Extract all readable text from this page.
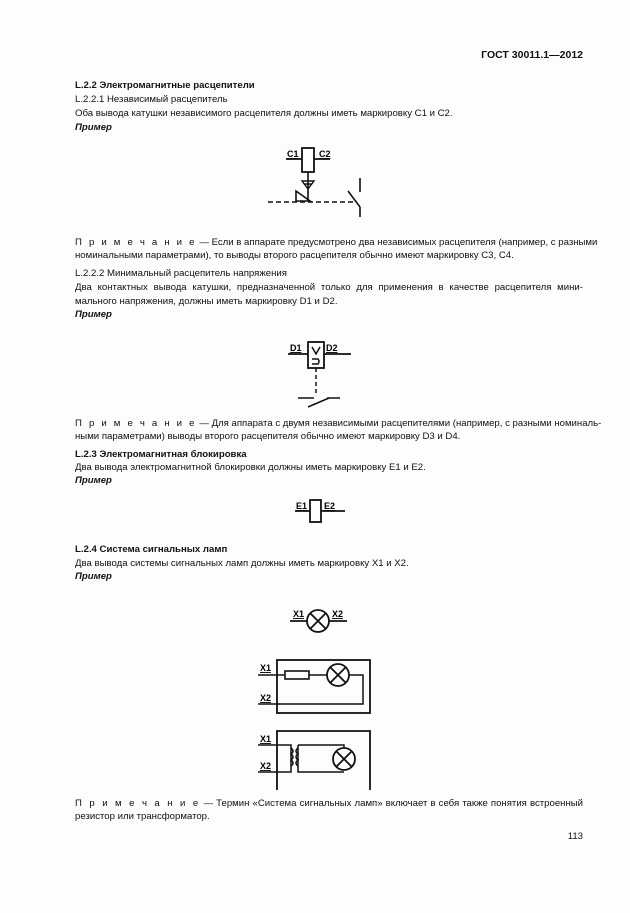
ГОСТ 30011.1—2012
L.2.2 Электромагнитные расцепители
L.2.2.1 Независимый расцепитель
Оба вывода катушки независимого расцепителя должны иметь маркировку C1 и C2.
Пример
C1 C2
П р и м е ч а н и е — Если в аппарате предусмотрено два независимых расцепителя (например, с разными
номинальными параметрами), то выводы второго расцепителя обычно имеют маркировку C3, C4.
L.2.2.2 Минимальный расцепитель напряжения
Два контактных вывода катушки, предназначенной только для применения в качестве расцепителя мини-
мального напряжения, должны иметь маркировку D1 и D2.
Пример
D1	D2
П р и м е ч а н и е — Для аппарата с двумя независимыми расцепителями (например, с разными номиналь-
ными параметрами) выводы второго расцепителя обычно имеют маркировку D3 и D4.
L.2.3 Электромагнитная блокировка
Два вывода электромагнитной блокировки должны иметь маркировку E1 и E2.
Пример
E1 E2
L.2.4 Система сигнальных ламп
Два вывода системы сигнальных ламп должны иметь маркировку X1 и X2.
Пример
X1	X2
X1
X2
X1
X2
П р и м е ч а н и е — Термин «Система сигнальных ламп» включает в себя также понятия встроенный
резистор или трансформатор.
113
